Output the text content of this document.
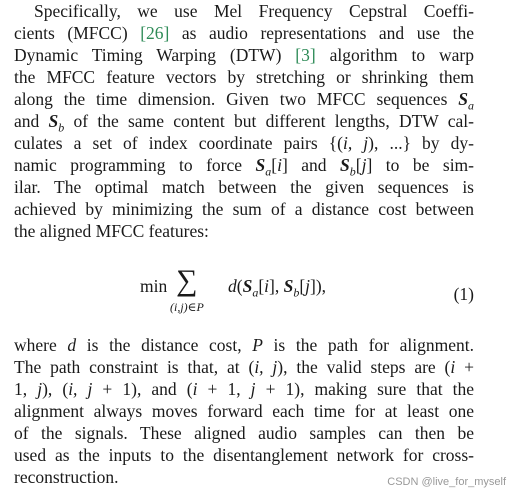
Specifically, we use Mel Frequency Cepstral Coeffi-
cients (MFCC) [26] as audio representations and use the
Dynamic Timing Warping (DTW) [3] algorithm to warp
the MFCC feature vectors by stretching or shrinking them
along the time dimension. Given two MFCC sequences $S_a$
and $S_b$ of the same content but different lengths, DTW cal-
culates a set of index coordinate pairs {(i, j), ...} by dy-
namic programming to force $S_a[i]$ and $S_b[j]$ to be sim-
ilar. The optimal match between the given sequences is
achieved by minimizing the sum of a distance cost between
the aligned MFCC features:
min ∑
(i,j)∈P
$d(S_a[i]$, $S_b[j]$),	(1)
where d is the distance cost, P is the path for alignment.
The path constraint is that, at (i, j), the valid steps are (i +
1, j), (i, j + 1), and (i + 1, j + 1), making sure that the
alignment always moves forward each time for at least one
of the signals. These aligned audio samples can then be
used as the inputs to the disentanglement network for cross-
reconstruction.	CSDN @live_for_myself
